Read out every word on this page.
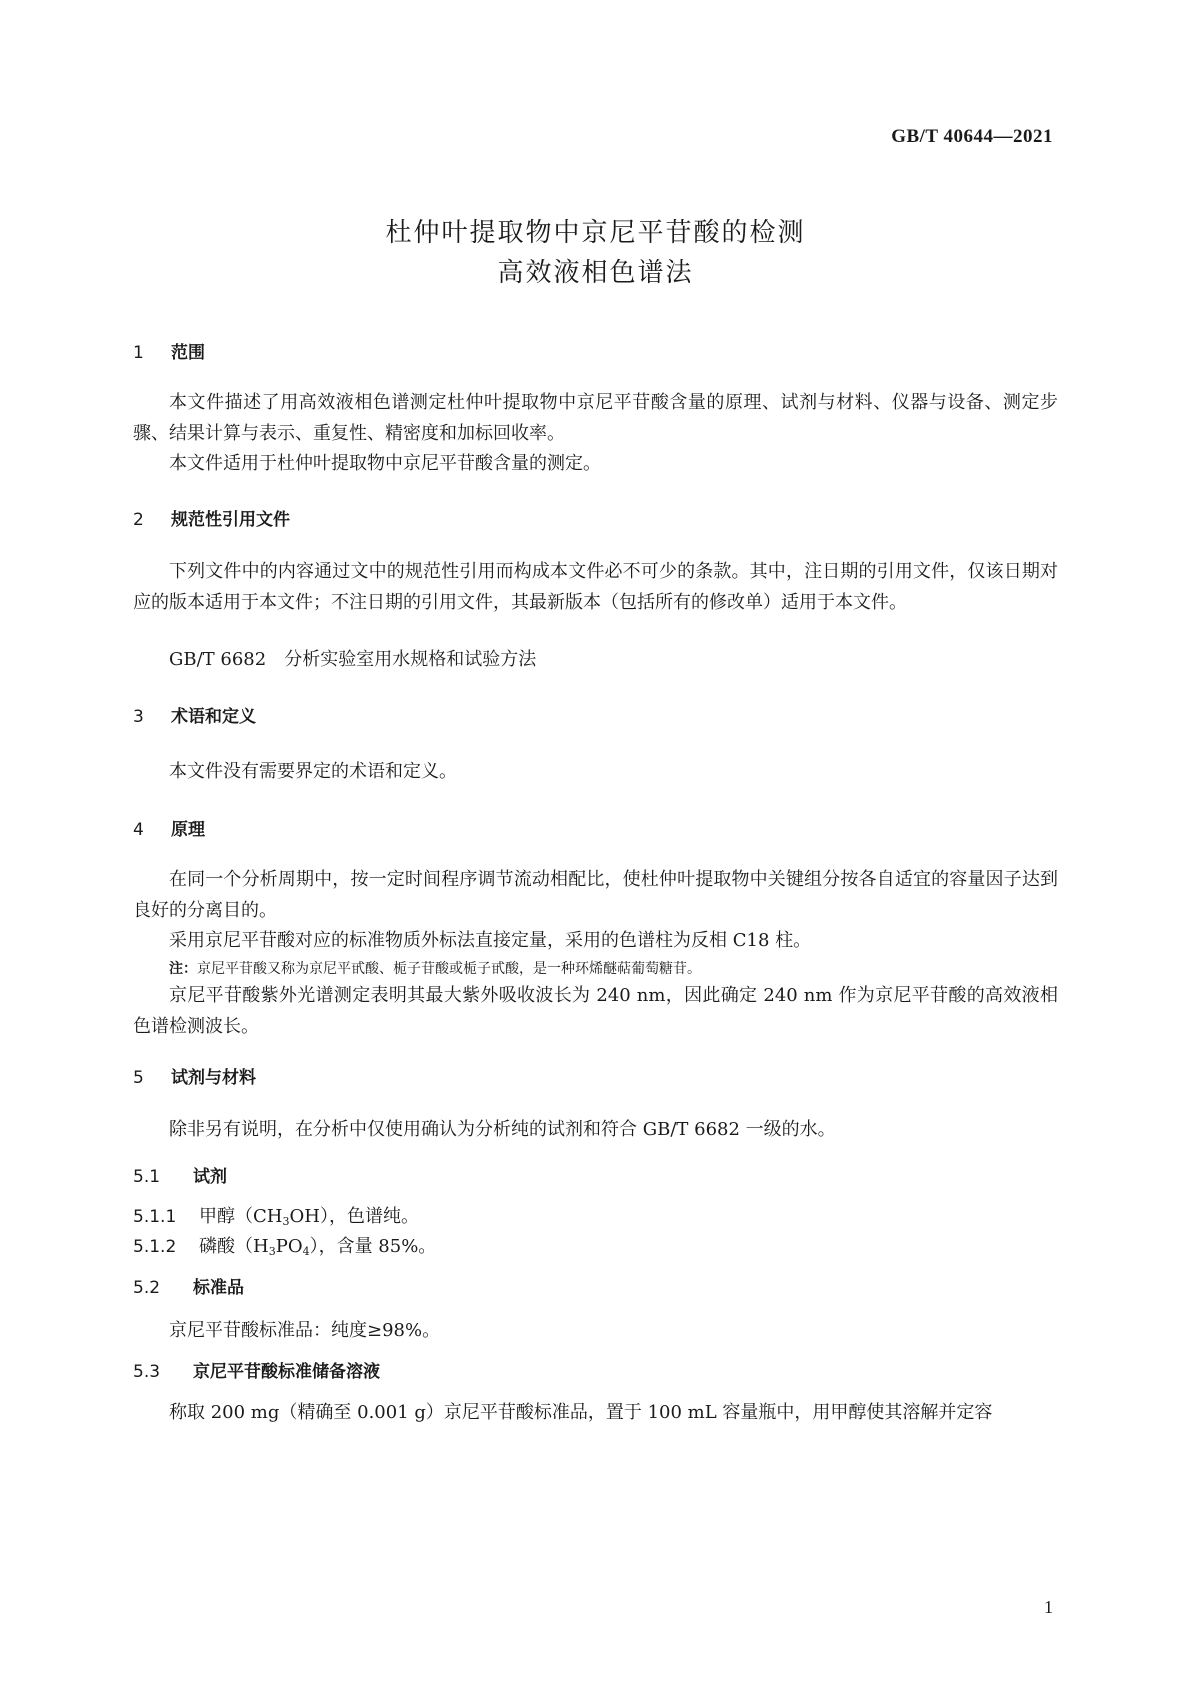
GB/T 40644—2021
杜仲叶提取物中京尼平苷酸的检测
高效液相色谱法
1 范围
本文件描述了用高效液相色谱测定杜仲叶提取物中京尼平苷酸含量的原理、试剂与材料、仪器与设备、测定步骤、结果计算与表示、重复性、精密度和加标回收率。
本文件适用于杜仲叶提取物中京尼平苷酸含量的测定。
2 规范性引用文件
下列文件中的内容通过文中的规范性引用而构成本文件必不可少的条款。其中，注日期的引用文件，仅该日期对应的版本适用于本文件；不注日期的引用文件，其最新版本（包括所有的修改单）适用于本文件。
GB/T 6682　分析实验室用水规格和试验方法
3 术语和定义
本文件没有需要界定的术语和定义。
4 原理
在同一个分析周期中，按一定时间程序调节流动相配比，使杜仲叶提取物中关键组分按各自适宜的容量因子达到良好的分离目的。
采用京尼平苷酸对应的标准物质外标法直接定量，采用的色谱柱为反相 C18 柱。
注：京尼平苷酸又称为京尼平甙酸、栀子苷酸或栀子甙酸，是一种环烯醚萜葡萄糖苷。
京尼平苷酸紫外光谱测定表明其最大紫外吸收波长为 240 nm，因此确定 240 nm 作为京尼平苷酸的高效液相色谱检测波长。
5 试剂与材料
除非另有说明，在分析中仅使用确认为分析纯的试剂和符合 GB/T 6682 一级的水。
5.1 试剂
5.1.1 甲醇$(CH_3OH)$，色谱纯。
5.1.2 磷酸$(H_3PO_4)$，含量 85%。
5.2 标准品
京尼平苷酸标准品：纯度≥98%。
5.3 京尼平苷酸标准储备溶液
称取 200 mg（精确至 0.001 g）京尼平苷酸标准品，置于 100 mL 容量瓶中，用甲醇使其溶解并定容
1
